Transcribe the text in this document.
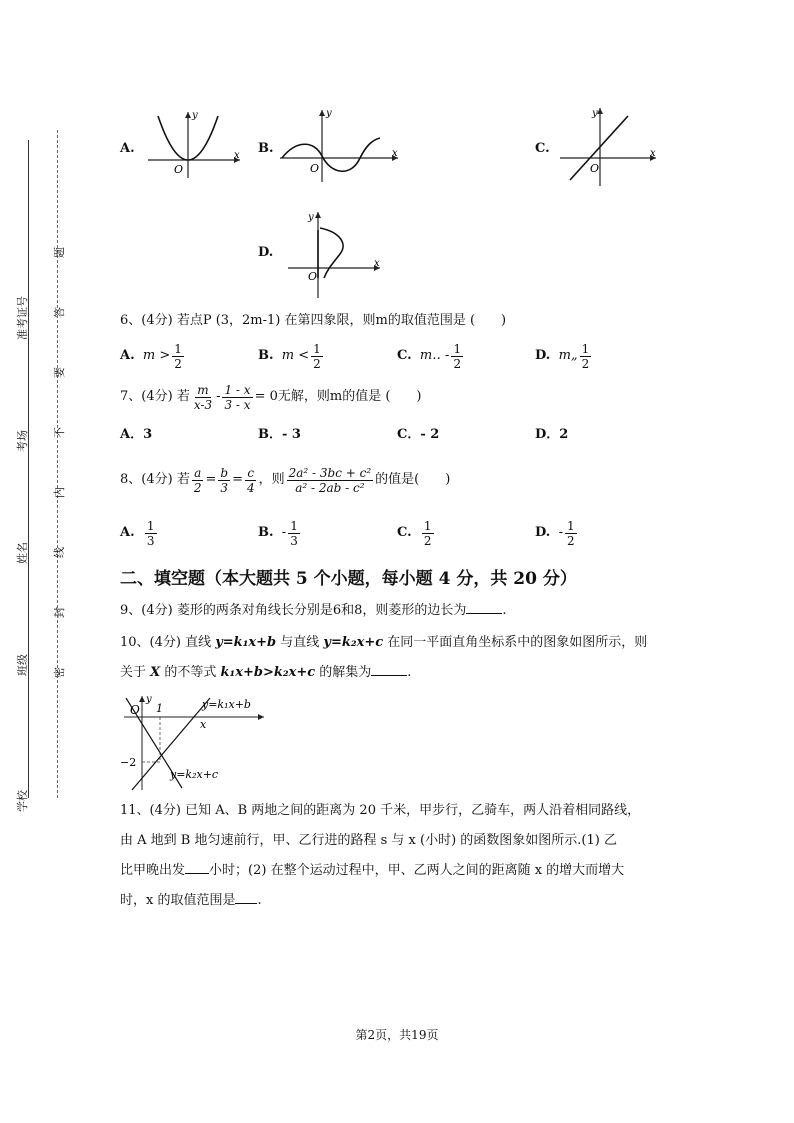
准考证号
考场
姓名
班级
学校
题
答
要
不
内
线
封
密
A.
y
x
O
B.
y
x
O
C.
y
x
O
D.
y
x
O
6、(4分) 若点P (3，2m-1) 在第四象限，则m的取值范围是 (　　)
A.
$m > \frac{1}{2}$	B.
$m < \frac{1}{2}$	C.
m‥ - $\frac{1}{2}$	D.
m„ $\frac{1}{2}$
7、(4分) 若 $\frac{m}{x-3} - \frac{1 - x}{3 - x} = 0$ 无解，则m的值是 (　　)
A．3	B．- 3	C．- 2	D．2
8、(4分) 若 $\frac{a}{2} = \frac{b}{3} = \frac{c}{4}$ ，则 $\frac{\text{2a² - 3bc + c²}}{\text{a² - 2ab - c²}}$ 的值是(　　)
A.
$\frac{1}{3}$	B.
- $\frac{1}{3}$	C.
$\frac{1}{2}$	D.
- $\frac{1}{2}$
二、填空题（本大题共 5 个小题，每小题 4 分，共 20 分）
9、(4分) 菱形的两条对角线长分别是6和8，则菱形的边长为	.
10、(4分) 直线 y=k₁x+b 与直线 y=k₂x+c 在同一平面直角坐标系中的图象如图所示，则
关于 X 的不等式 k₁x+b>k₂x+c 的解集为	.
O 1
x
y
−2
y=k₁x+b
y=k₂x+c
11、(4分) 已知 A、B 两地之间的距离为 20 千米，甲步行，乙骑车，两人沿着相同路线，
由 A 地到 B 地匀速前行，甲、乙行进的路程 s 与 x (小时) 的函数图象如图所示.(1) 乙
比甲晚出发 小时；(2) 在整个运动过程中，甲、乙两人之间的距离随 x 的增大而增大
时，x 的取值范围是 .
第2页，共19页
